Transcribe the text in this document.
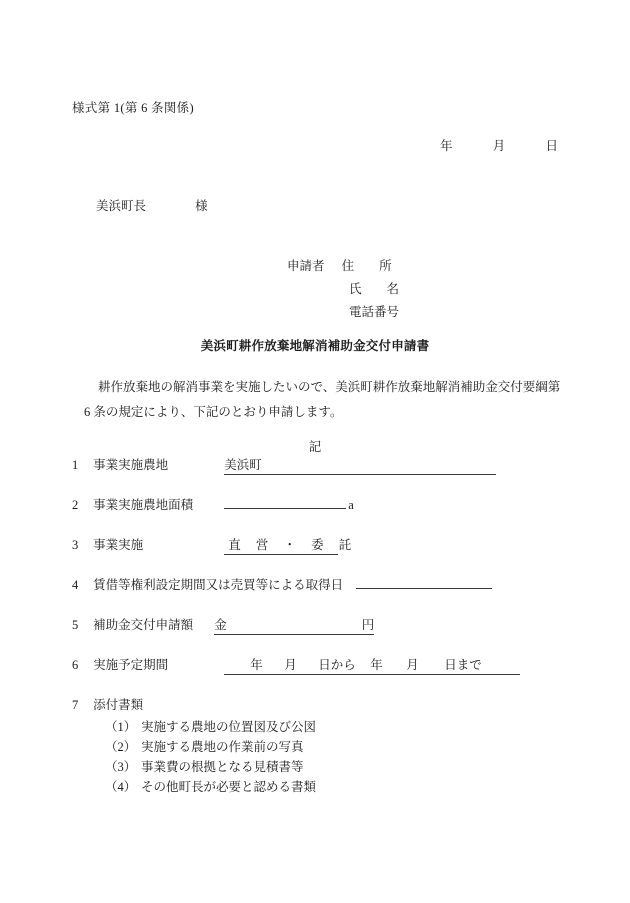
様式第 1(第 6 条関係)
年	月	日
美浜町長	様
申請者 住　　所
氏　　名
電話番号
美浜町耕作放棄地解消補助金交付申請書
耕作放棄地の解消事業を実施したいので、美浜町耕作放棄地解消補助金交付要綱第
6 条の規定により、下記のとおり申請します。
記
1 事業実施農地	美浜町
2 事業実施農地面積	a
3 事業実施	直 営 ・ 委 託
4 賃借等権利設定期間又は売買等による取得日
5 補助金交付申請額 金	円
6 実施予定期間	年 月 日から 年 月 日まで
7 添付書類
（1） 実施する農地の位置図及び公図
（2） 実施する農地の作業前の写真
（3） 事業費の根拠となる見積書等
（4） その他町長が必要と認める書類
